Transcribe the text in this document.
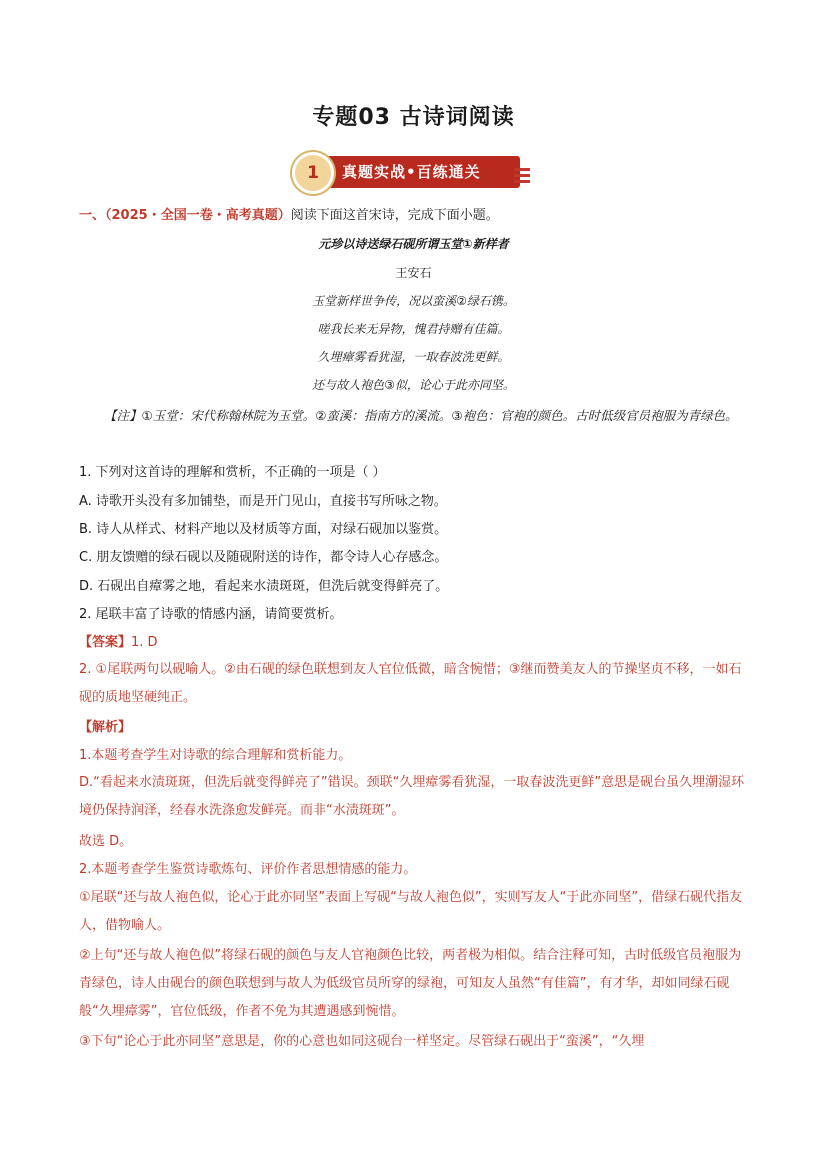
专题03 古诗词阅读
1	真题实战•百练通关
一、（2025・全国一卷・高考真题）阅读下面这首宋诗，完成下面小题。
元珍以诗送绿石砚所谓玉堂①新样者
王安石
玉堂新样世争传，况以蛮溪②绿石镌。
嗟我长来无异物，愧君持赠有佳篇。
久埋瘴雾看犹湿，一取春波洗更鲜。
还与故人袍色③似，论心于此亦同坚。
【注】①玉堂：宋代称翰林院为玉堂。②蛮溪：指南方的溪流。③袍色：官袍的颜色。古时低级官员袍服为青绿色。
1. 下列对这首诗的理解和赏析，不正确的一项是（ ）
A. 诗歌开头没有多加铺垫，而是开门见山，直接书写所咏之物。
B. 诗人从样式、材料产地以及材质等方面，对绿石砚加以鉴赏。
C. 朋友馈赠的绿石砚以及随砚附送的诗作，都令诗人心存感念。
D. 石砚出自瘴雾之地，看起来水渍斑斑，但洗后就变得鲜亮了。
2. 尾联丰富了诗歌的情感内涵，请简要赏析。
【答案】1. D
2. ①尾联两句以砚喻人。②由石砚的绿色联想到友人官位低微，暗含惋惜；③继而赞美友人的节操坚贞不移，一如石砚的质地坚硬纯正。
【解析】
1.本题考查学生对诗歌的综合理解和赏析能力。
D.“看起来水渍斑斑，但洗后就变得鲜亮了”错误。颈联“久埋瘴雾看犹湿，一取春波洗更鲜”意思是砚台虽久埋潮湿环境仍保持润泽，经春水洗涤愈发鲜亮。而非“水渍斑斑”。
故选 D。
2.本题考查学生鉴赏诗歌炼句、评价作者思想情感的能力。
①尾联“还与故人袍色似，论心于此亦同坚”表面上写砚“与故人袍色似”，实则写友人“于此亦同坚”，借绿石砚代指友人，借物喻人。
②上句“还与故人袍色似”将绿石砚的颜色与友人官袍颜色比较，两者极为相似。结合注释可知，古时低级官员袍服为青绿色，诗人由砚台的颜色联想到与故人为低级官员所穿的绿袍，可知友人虽然“有佳篇”，有才华，却如同绿石砚般“久埋瘴雾”，官位低级，作者不免为其遭遇感到惋惜。
③下句“论心于此亦同坚”意思是，你的心意也如同这砚台一样坚定。尽管绿石砚出于“蛮溪”，“久埋
